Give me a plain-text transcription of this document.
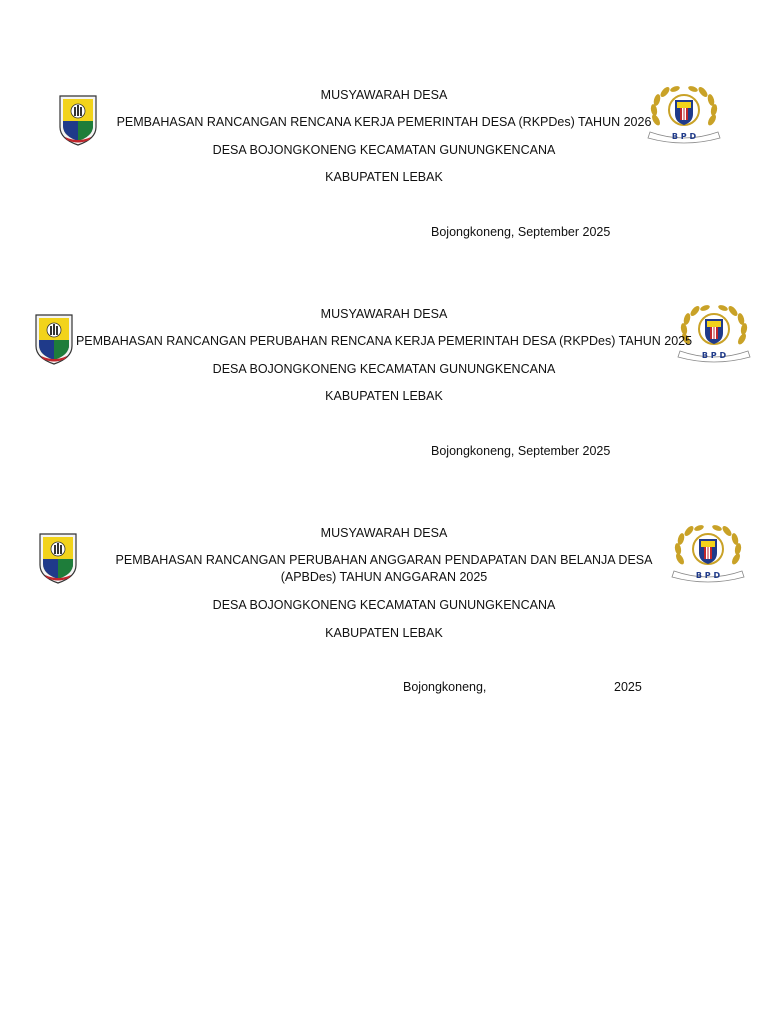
B P D
MUSYAWARAH DESA
PEMBAHASAN RANCANGAN RENCANA KERJA PEMERINTAH DESA (RKPDes) TAHUN 2026
DESA BOJONGKONENG KECAMATAN GUNUNGKENCANA
KABUPATEN LEBAK
Bojongkoneng, September 2025
B P D
MUSYAWARAH DESA
PEMBAHASAN RANCANGAN PERUBAHAN RENCANA KERJA PEMERINTAH DESA (RKPDes) TAHUN 2025
DESA BOJONGKONENG KECAMATAN GUNUNGKENCANA
KABUPATEN LEBAK
Bojongkoneng, September 2025
B P D
MUSYAWARAH DESA
PEMBAHASAN RANCANGAN PERUBAHAN ANGGARAN PENDAPATAN DAN BELANJA DESA (APBDes) TAHUN ANGGARAN 2025
DESA BOJONGKONENG KECAMATAN GUNUNGKENCANA
KABUPATEN LEBAK
Bojongkoneng,	2025
